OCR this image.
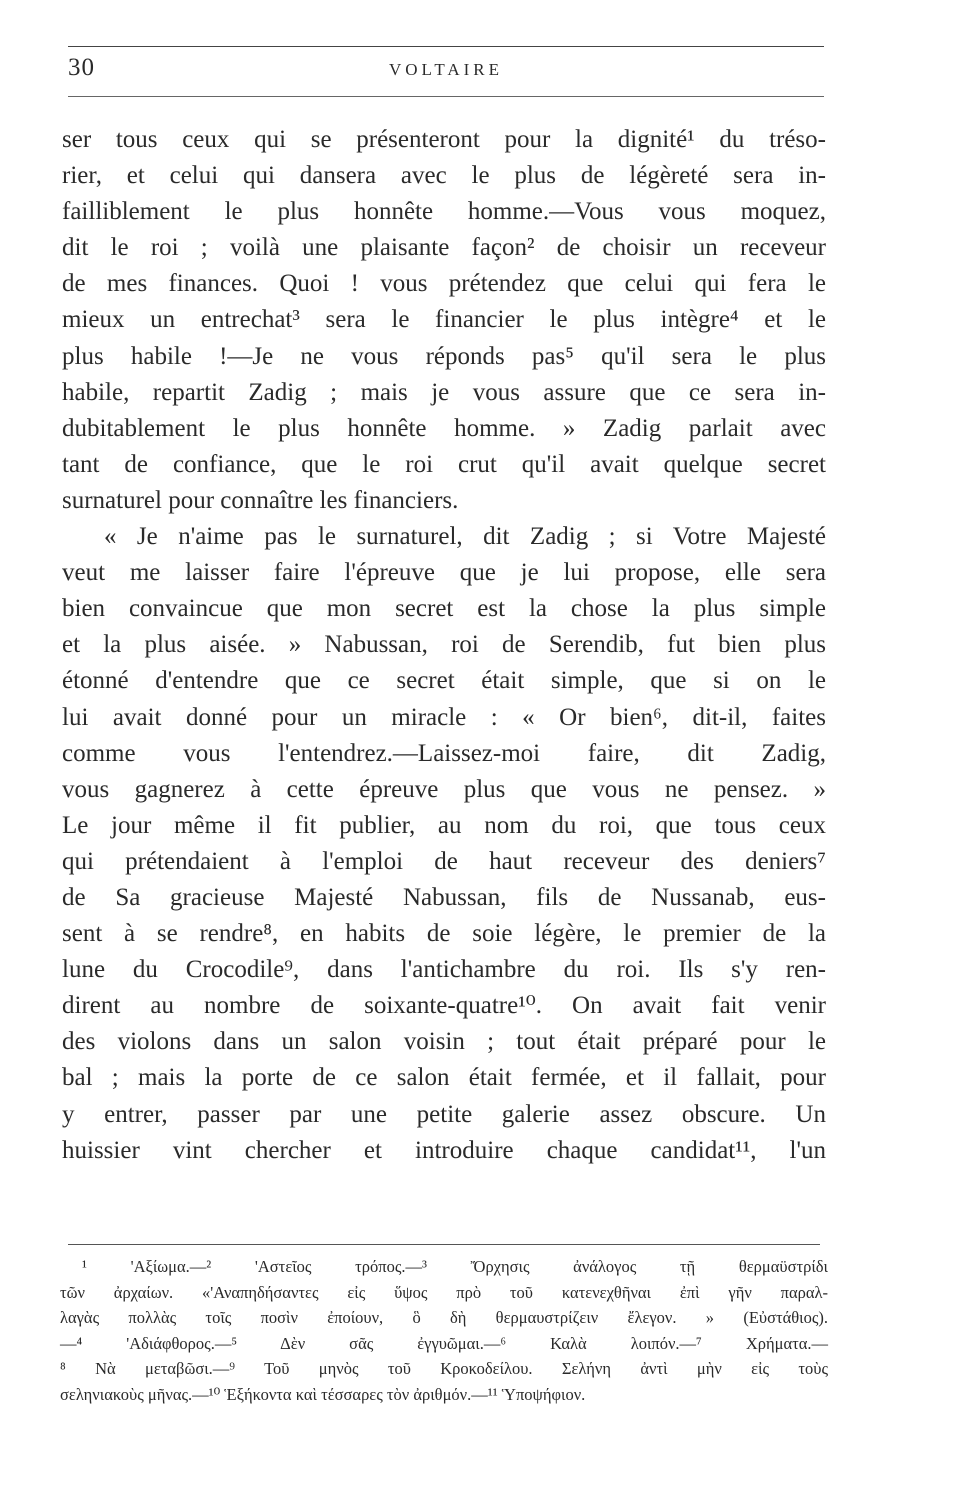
30	VOLTAIRE
ser tous ceux qui se présenteront pour la dignité¹ du tréso-
rier, et celui qui dansera avec le plus de légèreté sera in-
failliblement le plus honnête homme.—Vous vous moquez,
dit le roi ; voilà une plaisante façon² de choisir un receveur
de mes finances. Quoi ! vous prétendez que celui qui fera le
mieux un entrechat³ sera le financier le plus intègre⁴ et le
plus habile !—Je ne vous réponds pas⁵ qu'il sera le plus
habile, repartit Zadig ; mais je vous assure que ce sera in-
dubitablement le plus honnête homme. » Zadig parlait avec
tant de confiance, que le roi crut qu'il avait quelque secret
surnaturel pour connaître les financiers.
« Je n'aime pas le surnaturel, dit Zadig ; si Votre Majesté
veut me laisser faire l'épreuve que je lui propose, elle sera
bien convaincue que mon secret est la chose la plus simple
et la plus aisée. » Nabussan, roi de Serendib, fut bien plus
étonné d'entendre que ce secret était simple, que si on le
lui avait donné pour un miracle : « Or bien⁶, dit-il, faites
comme vous l'entendrez.—Laissez-moi faire, dit Zadig,
vous gagnerez à cette épreuve plus que vous ne pensez. »
Le jour même il fit publier, au nom du roi, que tous ceux
qui prétendaient à l'emploi de haut receveur des deniers⁷
de Sa gracieuse Majesté Nabussan, fils de Nussanab, eus-
sent à se rendre⁸, en habits de soie légère, le premier de la
lune du Crocodile⁹, dans l'antichambre du roi. Ils s'y ren-
dirent au nombre de soixante-quatre¹⁰. On avait fait venir
des violons dans un salon voisin ; tout était préparé pour le
bal ; mais la porte de ce salon était fermée, et il fallait, pour
y entrer, passer par une petite galerie assez obscure. Un
huissier vint chercher et introduire chaque candidat¹¹, l'un
¹ 'Αξίωμα.—² 'Αστεῖος τρόπος.—³ Ὄρχησις ἀνάλογος τῇ θερμαϋστρίδι
τῶν ἀρχαίων. «'Αναπηδήσαντες εἰς ὕψος πρὸ τοῦ κατενεχθῆναι ἐπὶ γῆν παραλ-
λαγὰς πολλὰς τοῖς ποσὶν ἐποίουν, ὃ δὴ θερμαυστρίζειν ἔλεγον. » (Εὐστάθιος).
—⁴ 'Αδιάφθορος.—⁵ Δὲν σᾶς ἐγγυῶμαι.—⁶ Καλὰ λοιπόν.—⁷ Χρήματα.—
⁸ Νὰ μεταβῶσι.—⁹ Τοῦ μηνὸς τοῦ Κροκοδείλου. Σελήνη ἀντὶ μὴν εἰς τοὺς
σεληνιακοὺς μῆνας.—¹⁰ Ἑξήκοντα καὶ τέσσαρες τὸν ἀριθμόν.—¹¹ Ὑποψήφιον.
